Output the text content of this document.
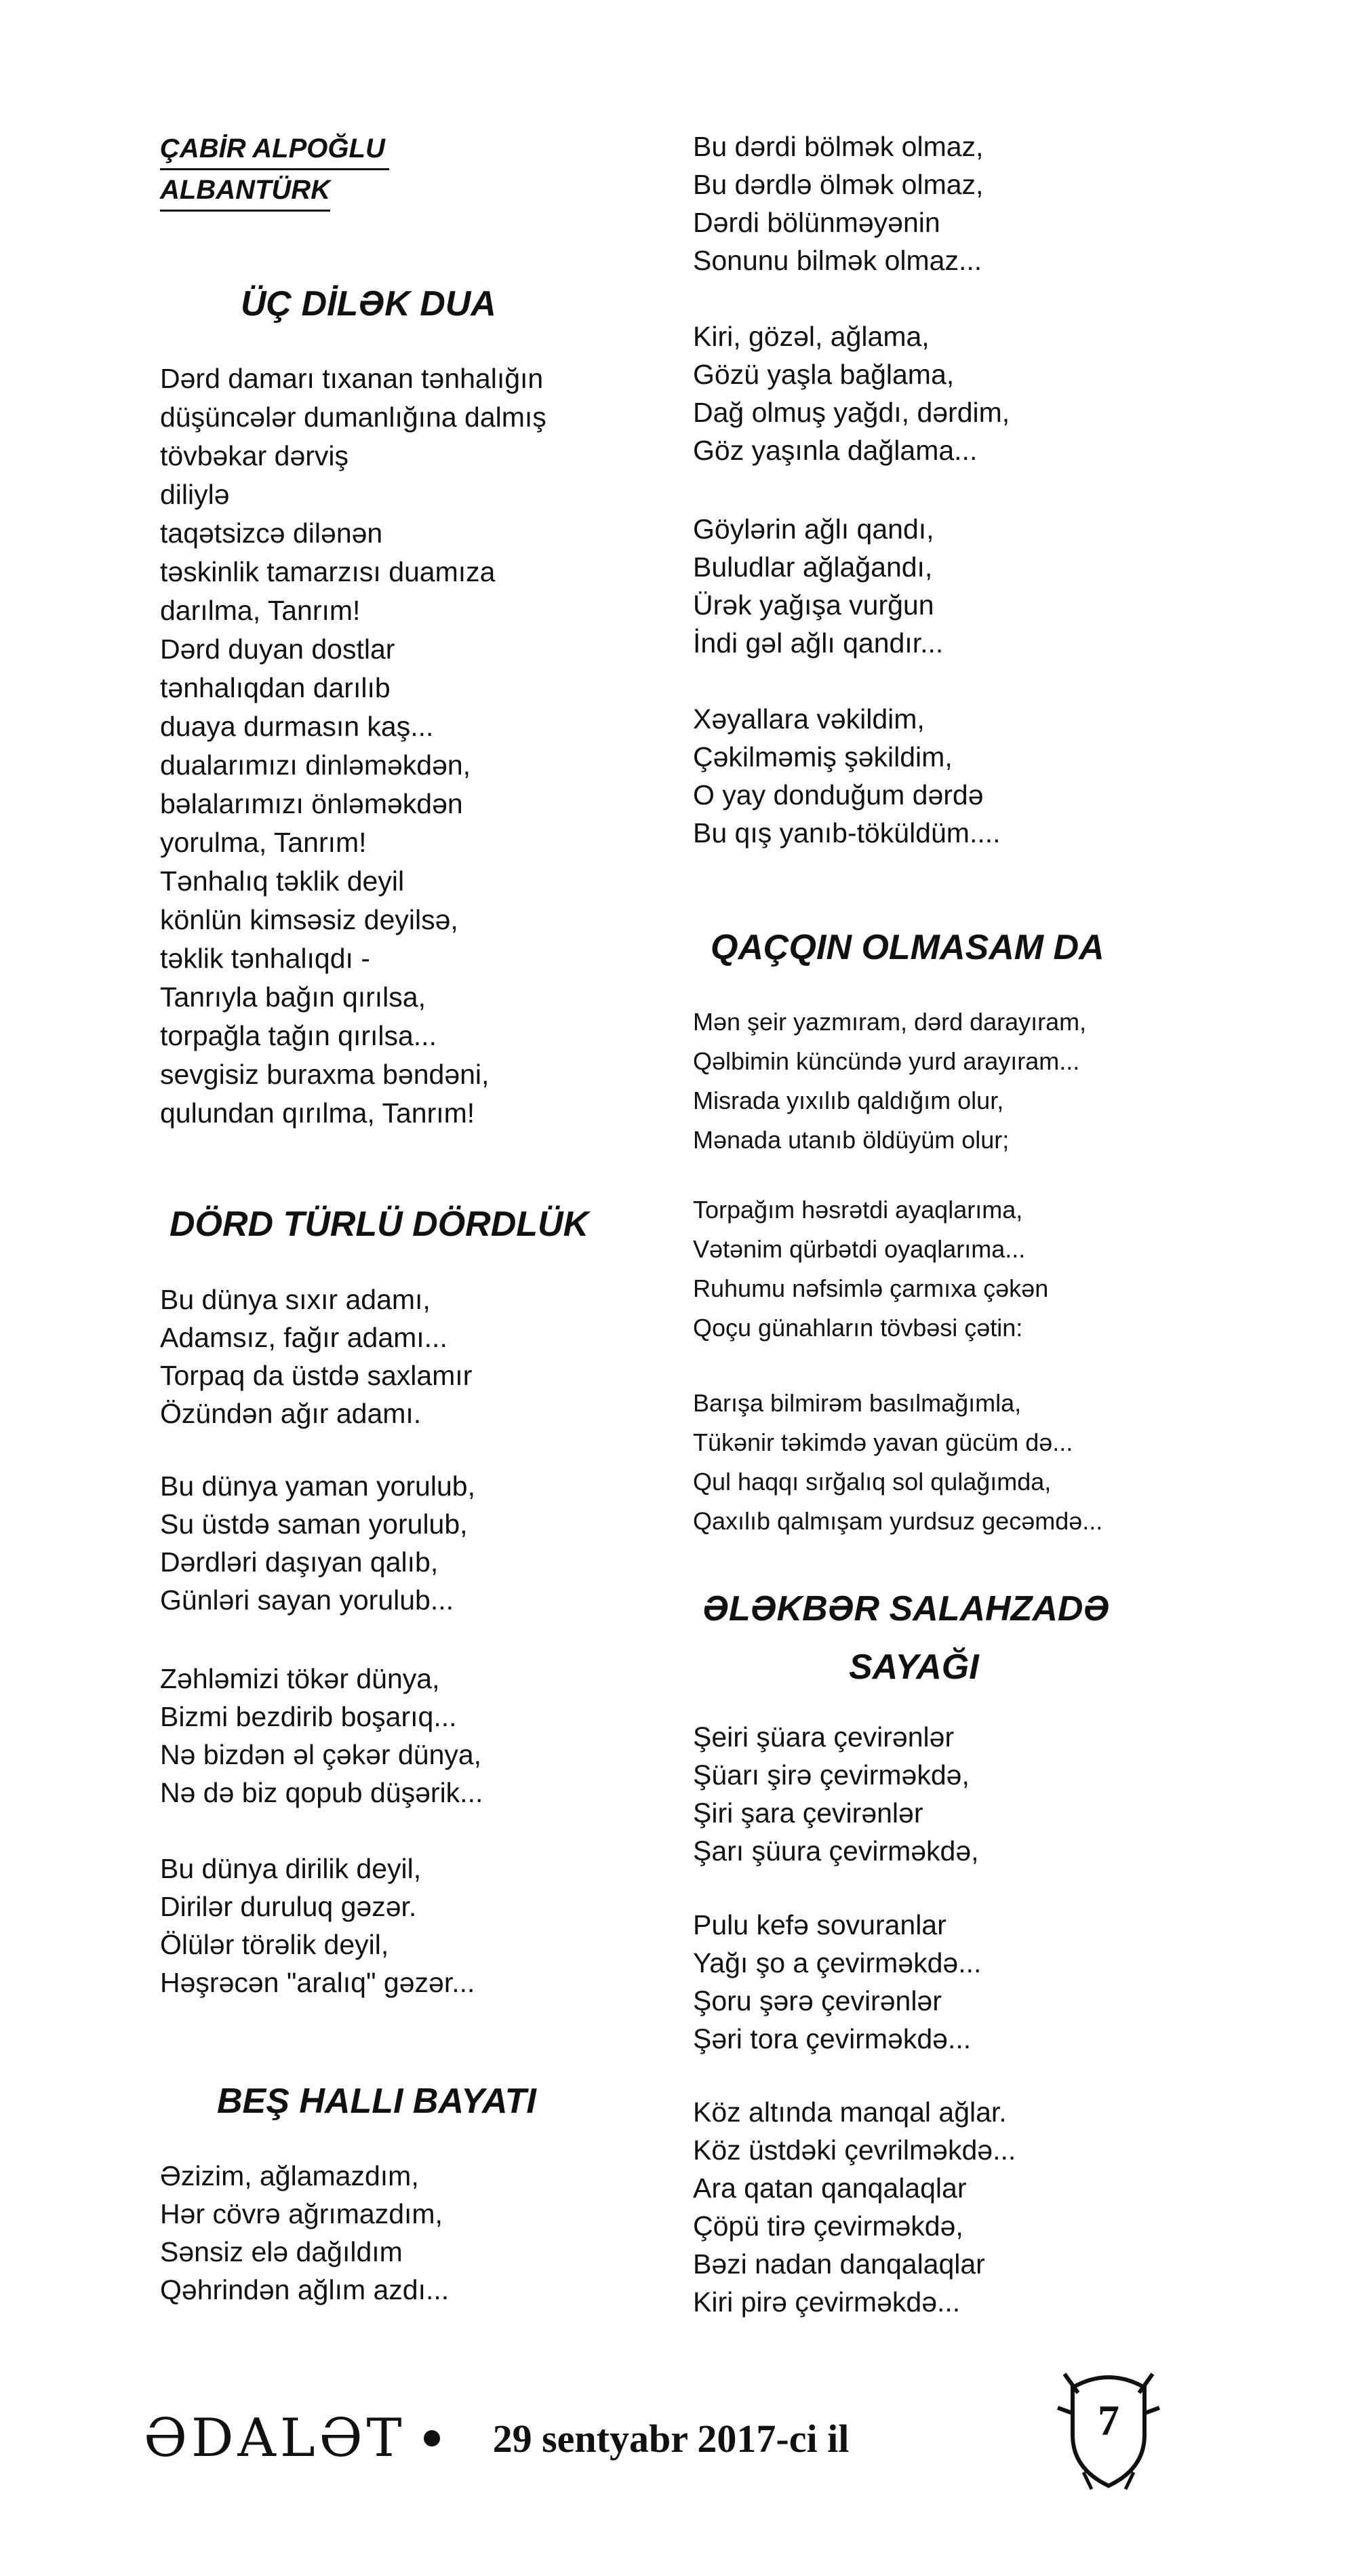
ÇABİR ALPOĞLU
ALBANTÜRK
ÜÇ DİLƏK DUA
Dərd damarı tıxanan tənhalığın
düşüncələr dumanlığına dalmış
tövbəkar dərviş
diliylə
taqətsizcə dilənən
təskinlik tamarzısı duamıza
darılma, Tanrım!
Dərd duyan dostlar
tənhalıqdan darılıb
duaya durmasın kaş...
dualarımızı dinləməkdən,
bəlalarımızı önləməkdən
yorulma, Tanrım!
Tənhalıq təklik deyil
könlün kimsəsiz deyilsə,
təklik tənhalıqdı -
Tanrıyla bağın qırılsa,
torpağla tağın qırılsa...
sevgisiz buraxma bəndəni,
qulundan qırılma, Tanrım!
DÖRD TÜRLÜ DÖRDLÜK
Bu dünya sıxır adamı,
Adamsız, fağır adamı...
Torpaq da üstdə saxlamır
Özündən ağır adamı.
Bu dünya yaman yorulub,
Su üstdə saman yorulub,
Dərdləri daşıyan qalıb,
Günləri sayan yorulub...
Zəhləmizi tökər dünya,
Bizmi bezdirib boşarıq...
Nə bizdən əl çəkər dünya,
Nə də biz qopub düşərik...
Bu dünya dirilik deyil,
Dirilər duruluq gəzər.
Ölülər törəlik deyil,
Həşrəcən "aralıq" gəzər...
BEŞ HALLI BAYATI
Əzizim, ağlamazdım,
Hər cövrə ağrımazdım,
Sənsiz elə dağıldım
Qəhrindən ağlım azdı...
Bu dərdi bölmək olmaz,
Bu dərdlə ölmək olmaz,
Dərdi bölünməyənin
Sonunu bilmək olmaz...
Kiri, gözəl, ağlama,
Gözü yaşla bağlama,
Dağ olmuş yağdı, dərdim,
Göz yaşınla dağlama...
Göylərin ağlı qandı,
Buludlar ağlağandı,
Ürək yağışa vurğun
İndi gəl ağlı qandır...
Xəyallara vəkildim,
Çəkilməmiş şəkildim,
O yay donduğum dərdə
Bu qış yanıb-töküldüm....
QAÇQIN OLMASAM DA
Mən şeir yazmıram, dərd darayıram,
Qəlbimin küncündə yurd arayıram...
Misrada yıxılıb qaldığım olur,
Mənada utanıb öldüyüm olur;
Torpağım həsrətdi ayaqlarıma,
Vətənim qürbətdi oyaqlarıma...
Ruhumu nəfsimlə çarmıxa çəkən
Qoçu günahların tövbəsi çətin:
Barışa bilmirəm basılmağımla,
Tükənir təkimdə yavan gücüm də...
Qul haqqı sırğalıq sol qulağımda,
Qaxılıb qalmışam yurdsuz gecəmdə...
ƏLƏKBƏR SALAHZADƏ
SAYAĞI
Şeiri şüara çevirənlər
Şüarı şirə çevirməkdə,
Şiri şara çevirənlər
Şarı şüura çevirməkdə,
Pulu kefə sovuranlar
Yağı şo a çevirməkdə...
Şoru şərə çevirənlər
Şəri tora çevirməkdə...
Köz altında manqal ağlar.
Köz üstdəki çevrilməkdə...
Ara qatan qanqalaqlar
Çöpü tirə çevirməkdə,
Bəzi nadan danqalaqlar
Kiri pirə çevirməkdə...
ƏDALƏT 29 sentyabr 2017-ci il	7
